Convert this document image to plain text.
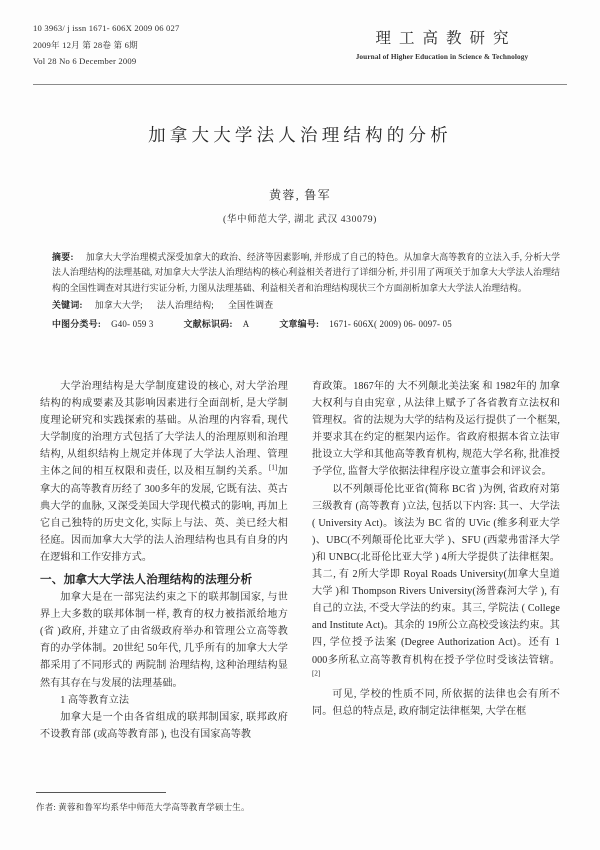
10 3963/ j issn 1671- 606X 2009 06 027
2009年 12月 第 28卷 第 6期
Vol 28 No 6 December 2009
理工高教研究
Journal of Higher Education in Science & Technology
加拿大大学法人治理结构的分析
黄蓉, 鲁军
(华中师范大学, 湖北 武汉 430079)
摘要: 加拿大大学治理模式深受加拿大的政治、经济等因素影响, 并形成了自己的特色。从加拿大高等教育的立法入手, 分析大学法人治理结构的法理基础, 对加拿大大学法人治理结构的核心利益相关者进行了详细分析, 并引用了两项关于加拿大大学法人治理结构的全国性调查对其进行实证分析, 力图从法理基础、利益相关者和治理结构现状三个方面剖析加拿大大学法人治理结构。
关键词: 加拿大大学; 法人治理结构; 全国性调查
中图分类号: G40- 059 3	文献标识码: A	文章编号: 1671- 606X( 2009) 06- 0097- 05

大学治理结构是大学制度建设的核心, 对大学治理结构的构成要素及其影响因素进行全面剖析, 是大学制度理论研究和实践探索的基础。从治理的内容看, 现代大学制度的治理方式包括了大学法人的治理原则和治理结构, 从组织结构上规定并体现了大学法人治理、管理主体之间的相互权限和责任, 以及相互制约关系。[1]加拿大的高等教育历经了 300多年的发展, 它既有法、英古典大学的血脉, 又深受美国大学现代模式的影响, 再加上它自己独特的历史文化, 实际上与法、英、美已经大相径庭。因而加拿大大学的法人治理结构也具有自身的内在逻辑和工作安排方式。

一、加拿大大学法人治理结构的法理分析

加拿大是在一部宪法约束之下的联邦制国家, 与世界上大多数的联邦体制一样, 教育的权力被指派给地方(省 )政府, 并建立了由省级政府举办和管理公立高等教育的办学体制。20世纪 50年代, 几乎所有的加拿大大学都采用了不同形式的 两院制 治理结构, 这种治理结构显然有其存在与发展的法理基础。

1 高等教育立法

加拿大是一个由各省组成的联邦制国家, 联邦政府不设教育部 (或高等教育部 ), 也没有国家高等教

育政策。1867年的 大不列颠北美法案 和 1982年的 加拿大权利与自由宪章 , 从法律上赋予了各省教育立法权和管理权。省的法规为大学的结构及运行提供了一个框架, 并要求其在约定的框架内运作。省政府根据本省立法审批设立大学和其他高等教育机构, 规范大学名称, 批准授予学位, 监督大学依据法律程序设立董事会和评议会。

以不列颠哥伦比亚省(简称 BC省 )为例, 省政府对第三级教育 (高等教育 )立法, 包括以下内容: 其一、大学法 ( University Act)。该法为 BC 省的 UVic (维多利亚大学 )、UBC(不列颠哥伦比亚大学 )、SFU (西蒙弗雷泽大学 )和 UNBC(北哥伦比亚大学 ) 4所大学提供了法律框架。其二, 有 2所大学即 Royal Roads University(加拿大皇道大学 )和 Thompson Rivers University(汤普森河大学 ), 有自己的立法, 不受大学法的约束。其三, 学院法 ( College and Institute Act)。其余的 19所公立高校受该法约束。其四, 学位授予法案 (Degree Authorization Act)。还有 1 000多所私立高等教育机构在授予学位时受该法管辖。[2]

可见, 学校的性质不同, 所依据的法律也会有所不同。但总的特点是, 政府制定法律框架, 大学在框

作者: 黄蓉和鲁军均系华中师范大学高等教育学硕士生。
